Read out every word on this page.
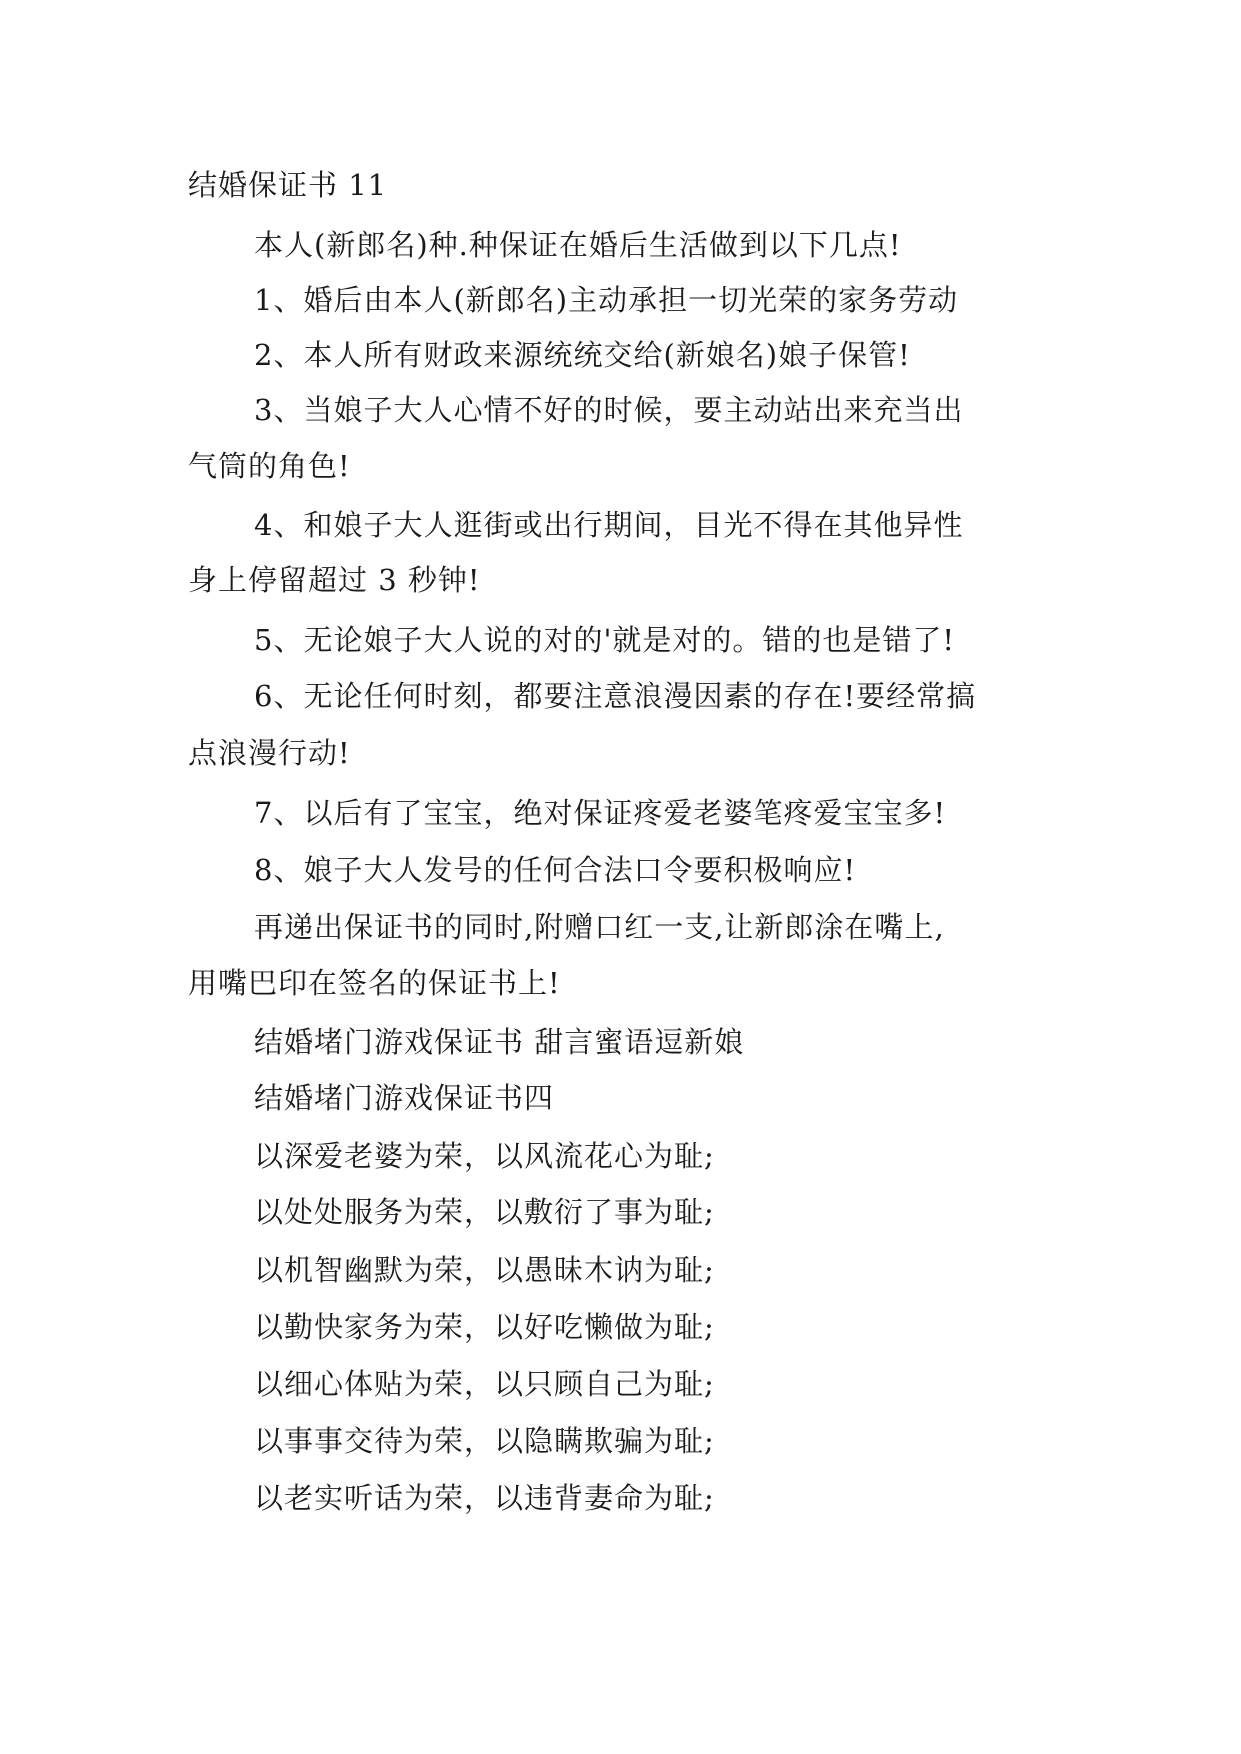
结婚保证书 11
本人(新郎名)种.种保证在婚后生活做到以下几点!
1、婚后由本人(新郎名)主动承担一切光荣的家务劳动
2、本人所有财政来源统统交给(新娘名)娘子保管!
3、当娘子大人心情不好的时候，要主动站出来充当出
气筒的角色!
4、和娘子大人逛街或出行期间，目光不得在其他异性
身上停留超过 3 秒钟!
5、无论娘子大人说的对的'就是对的。错的也是错了!
6、无论任何时刻，都要注意浪漫因素的存在!要经常搞
点浪漫行动!
7、以后有了宝宝，绝对保证疼爱老婆笔疼爱宝宝多!
8、娘子大人发号的任何合法口令要积极响应!
再递出保证书的同时,附赠口红一支,让新郎涂在嘴上,
用嘴巴印在签名的保证书上!
结婚堵门游戏保证书 甜言蜜语逗新娘
结婚堵门游戏保证书四
以深爱老婆为荣，以风流花心为耻;
以处处服务为荣，以敷衍了事为耻;
以机智幽默为荣，以愚昧木讷为耻;
以勤快家务为荣，以好吃懒做为耻;
以细心体贴为荣，以只顾自己为耻;
以事事交待为荣，以隐瞒欺骗为耻;
以老实听话为荣，以违背妻命为耻;
